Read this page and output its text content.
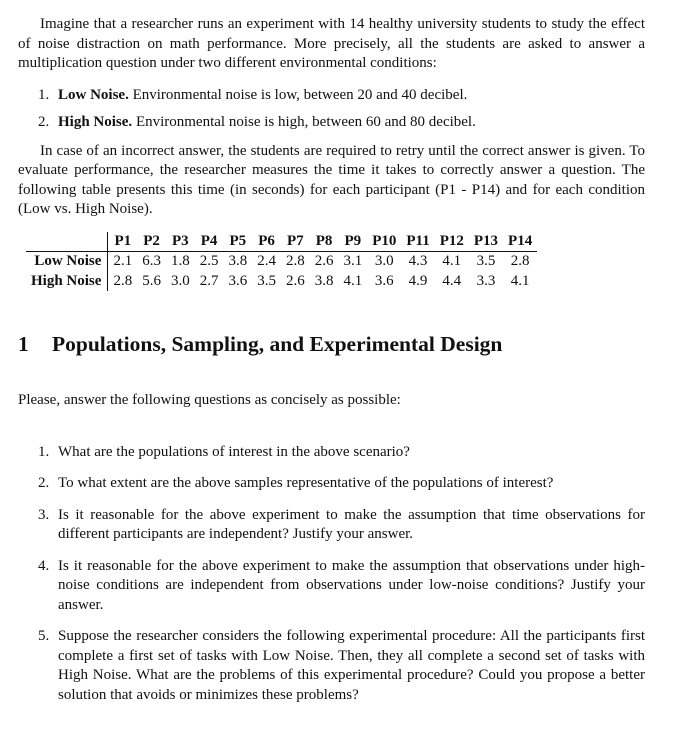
Imagine that a researcher runs an experiment with 14 healthy university students to study the effect of noise distraction on math performance. More precisely, all the students are asked to answer a multiplication question under two different environmental conditions:

1. Low Noise. Environmental noise is low, between 20 and 40 decibel.
2. High Noise. Environmental noise is high, between 60 and 80 decibel.

In case of an incorrect answer, the students are required to retry until the correct answer is given. To evaluate performance, the researcher measures the time it takes to correctly answer a question. The following table presents this time (in seconds) for each participant (P1 - P14) and for each condition (Low vs. High Noise).

	P1	P2	P3	P4	P5	P6	P7	P8	P9	P10	P11	P12	P13	P14
Low Noise	2.1	6.3	1.8	2.5	3.8	2.4	2.8	2.6	3.1	3.0	4.3	4.1	3.5	2.8
High Noise	2.8	5.6	3.0	2.7	3.6	3.5	2.6	3.8	4.1	3.6	4.9	4.4	3.3	4.1
1 Populations, Sampling, and Experimental Design

Please, answer the following questions as concisely as possible:

1. What are the populations of interest in the above scenario?
2. To what extent are the above samples representative of the populations of interest?
3. Is it reasonable for the above experiment to make the assumption that time observations for different participants are independent? Justify your answer.
4. Is it reasonable for the above experiment to make the assumption that observations under high-noise conditions are independent from observations under low-noise conditions? Justify your answer.
5. Suppose the researcher considers the following experimental procedure: All the participants first complete a first set of tasks with Low Noise. Then, they all complete a second set of tasks with High Noise. What are the problems of this experimental procedure? Could you propose a better solution that avoids or minimizes these problems?
